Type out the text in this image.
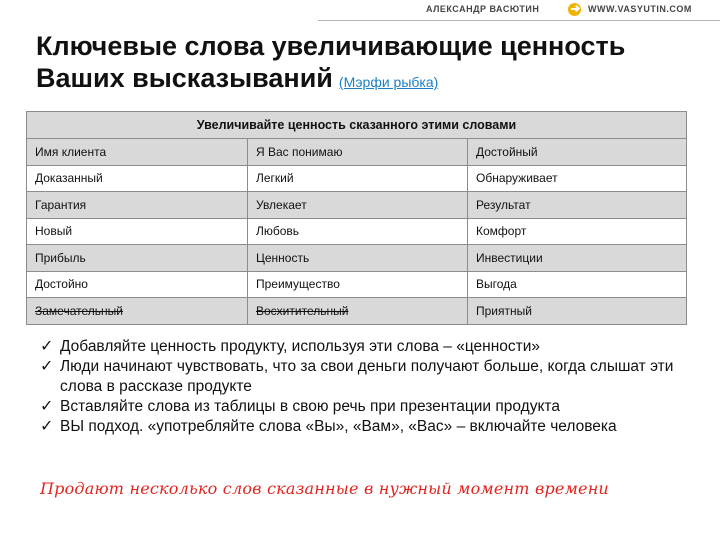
АЛЕКСАНДР ВАСЮТИН	WWW.VASYUTIN.COM
Ключевые слова увеличивающие ценность
Ваших высказываний (Мэрфи рыбка)
Увеличивайте ценность сказанного этими словами		
Имя клиента	Я Вас понимаю	Достойный
Доказанный	Легкий	Обнаруживает
Гарантия	Увлекает	Результат
Новый	Любовь	Комфорт
Прибыль	Ценность	Инвестиции
Достойно	Преимущество	Выгода
Замечательный	Восхитительный	Приятный
✓ Добавляйте ценность продукту, используя эти слова – «ценности»
✓ Люди начинают чувствовать, что за свои деньги получают больше, когда слышат эти слова в рассказе продукте
✓ Вставляйте слова из таблицы в свою речь при презентации продукта
✓ ВЫ подход. «употребляйте слова «Вы», «Вам», «Вас» – включайте человека
Продают несколько слов сказанные в нужный момент времени
